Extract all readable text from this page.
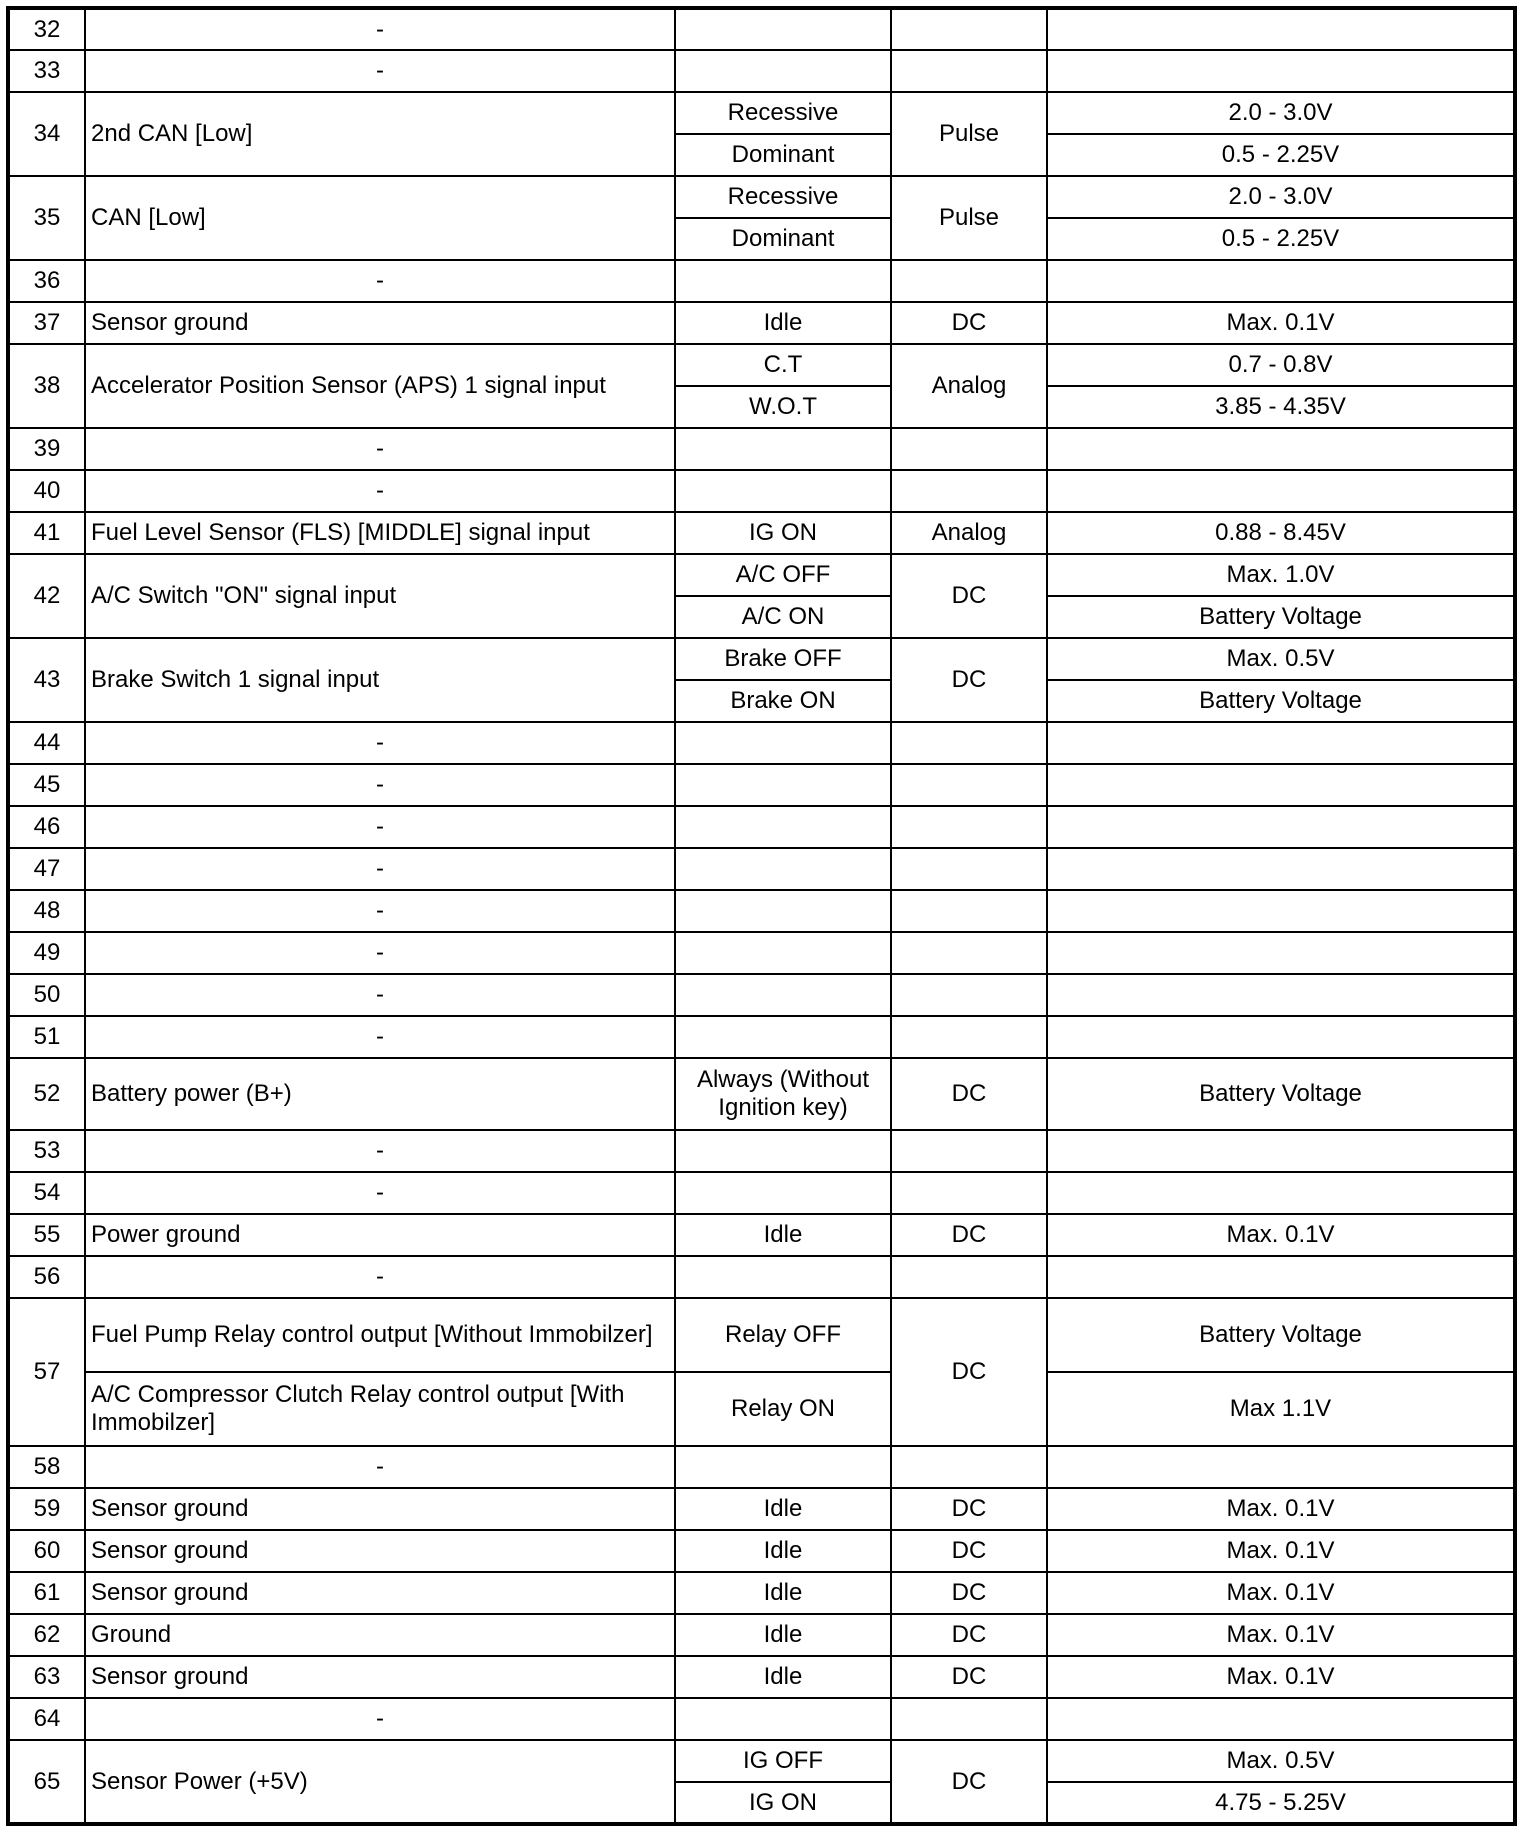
32	-			
33	-			
34	2nd CAN [Low]	Recessive	Pulse	2.0 - 3.0V
		Dominant		0.5 - 2.25V
35	CAN [Low]	Recessive	Pulse	2.0 - 3.0V
		Dominant		0.5 - 2.25V
36	-			
37	Sensor ground	Idle	DC	Max. 0.1V
38	Accelerator Position Sensor (APS) 1 signal input	C.T	Analog	0.7 - 0.8V
		W.O.T		3.85 - 4.35V
39	-			
40	-			
41	Fuel Level Sensor (FLS) [MIDDLE] signal input	IG ON	Analog	0.88 - 8.45V
42	A/C Switch "ON" signal input	A/C OFF	DC	Max. 1.0V
		A/C ON		Battery Voltage
43	Brake Switch 1 signal input	Brake OFF	DC	Max. 0.5V
		Brake ON		Battery Voltage
44	-			
45	-			
46	-			
47	-			
48	-			
49	-			
50	-			
51	-			
52	Battery power (B+)	Always (Without Ignition key)	DC	Battery Voltage
53	-			
54	-			
55	Power ground	Idle	DC	Max. 0.1V
56	-			
57	Fuel Pump Relay control output [Without Immobilzer]	Relay OFF	DC	Battery Voltage
	A/C Compressor Clutch Relay control output [With Immobilzer]	Relay ON		Max 1.1V
58	-			
59	Sensor ground	Idle	DC	Max. 0.1V
60	Sensor ground	Idle	DC	Max. 0.1V
61	Sensor ground	Idle	DC	Max. 0.1V
62	Ground	Idle	DC	Max. 0.1V
63	Sensor ground	Idle	DC	Max. 0.1V
64	-			
65	Sensor Power (+5V)	IG OFF	DC	Max. 0.5V
		IG ON		4.75 - 5.25V
